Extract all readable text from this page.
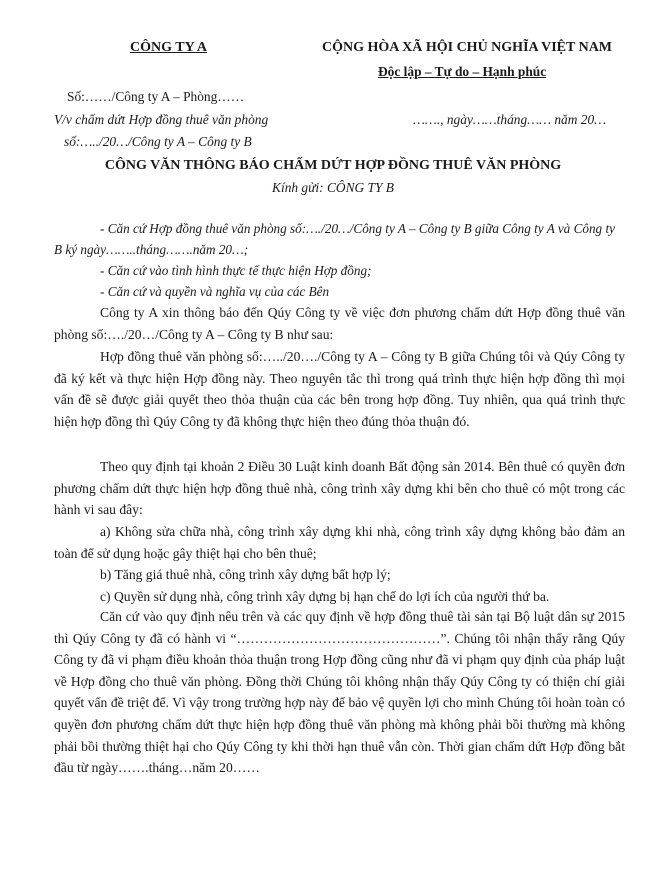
CÔNG TY A	CỘNG HÒA XÃ HỘI CHỦ NGHĨA VIỆT NAM
Độc lập – Tự do – Hạnh phúc
Số:……/Công ty A – Phòng……
V/v chấm dứt Hợp đồng thuê văn phòng
số:…../20…/Công ty A – Công ty B
……., ngày……tháng…… năm 20…
CÔNG VĂN THÔNG BÁO CHẤM DỨT HỢP ĐỒNG THUÊ VĂN PHÒNG
Kính gửi: CÔNG TY B

- Căn cứ Hợp đồng thuê văn phòng số:…./20…/Công ty A – Công ty B giữa Công ty A và Công ty B ký ngày……..tháng…….năm 20…;

- Căn cứ vào tình hình thực tế thực hiện Hợp đồng;

- Căn cứ và quyền và nghĩa vụ của các Bên

Công ty A xin thông báo đến Qúy Công ty về việc đơn phương chấm dứt Hợp đồng thuê văn phòng số:…./20…/Công ty A – Công ty B như sau:

Hợp đồng thuê văn phòng số:…../20…./Công ty A – Công ty B giữa Chúng tôi và Qúy Công ty đã ký kết và thực hiện Hợp đồng này. Theo nguyên tắc thì trong quá trình thực hiện hợp đồng thì mọi vấn đề sẽ được giải quyết theo thỏa thuận của các bên trong hợp đồng. Tuy nhiên, qua quá trình thực hiện hợp đồng thì Qúy Công ty đã không thực hiện theo đúng thỏa thuận đó.

Theo quy định tại khoản 2 Điều 30 Luật kinh doanh Bất động sản 2014. Bên thuê có quyền đơn phương chấm dứt thực hiện hợp đồng thuê nhà, công trình xây dựng khi bên cho thuê có một trong các hành vi sau đây:

a) Không sửa chữa nhà, công trình xây dựng khi nhà, công trình xây dựng không bảo đảm an toàn để sử dụng hoặc gây thiệt hại cho bên thuê;

b) Tăng giá thuê nhà, công trình xây dựng bất hợp lý;

c) Quyền sử dụng nhà, công trình xây dựng bị hạn chế do lợi ích của người thứ ba.

Căn cứ vào quy định nêu trên và các quy định về hợp đồng thuê tài sản tại Bộ luật dân sự 2015 thì Qúy Công ty đã có hành vi “………………………………………”. Chúng tôi nhận thấy rằng Qúy Công ty đã vi phạm điều khoản thỏa thuận trong Hợp đồng cũng như đã vi phạm quy định của pháp luật về Hợp đồng cho thuê văn phòng. Đồng thời Chúng tôi không nhận thấy Qúy Công ty có thiện chí giải quyết vấn đề triệt để. Vì vậy trong trường hợp này để bảo vệ quyền lợi cho mình Chúng tôi hoàn toàn có quyền đơn phương chấm dứt thực hiện hợp đồng thuê văn phòng mà không phải bồi thường mà không phải bồi thường thiệt hại cho Qúy Công ty khi thời hạn thuê vẫn còn. Thời gian chấm dứt Hợp đồng bắt đầu từ ngày…….tháng…năm 20……
